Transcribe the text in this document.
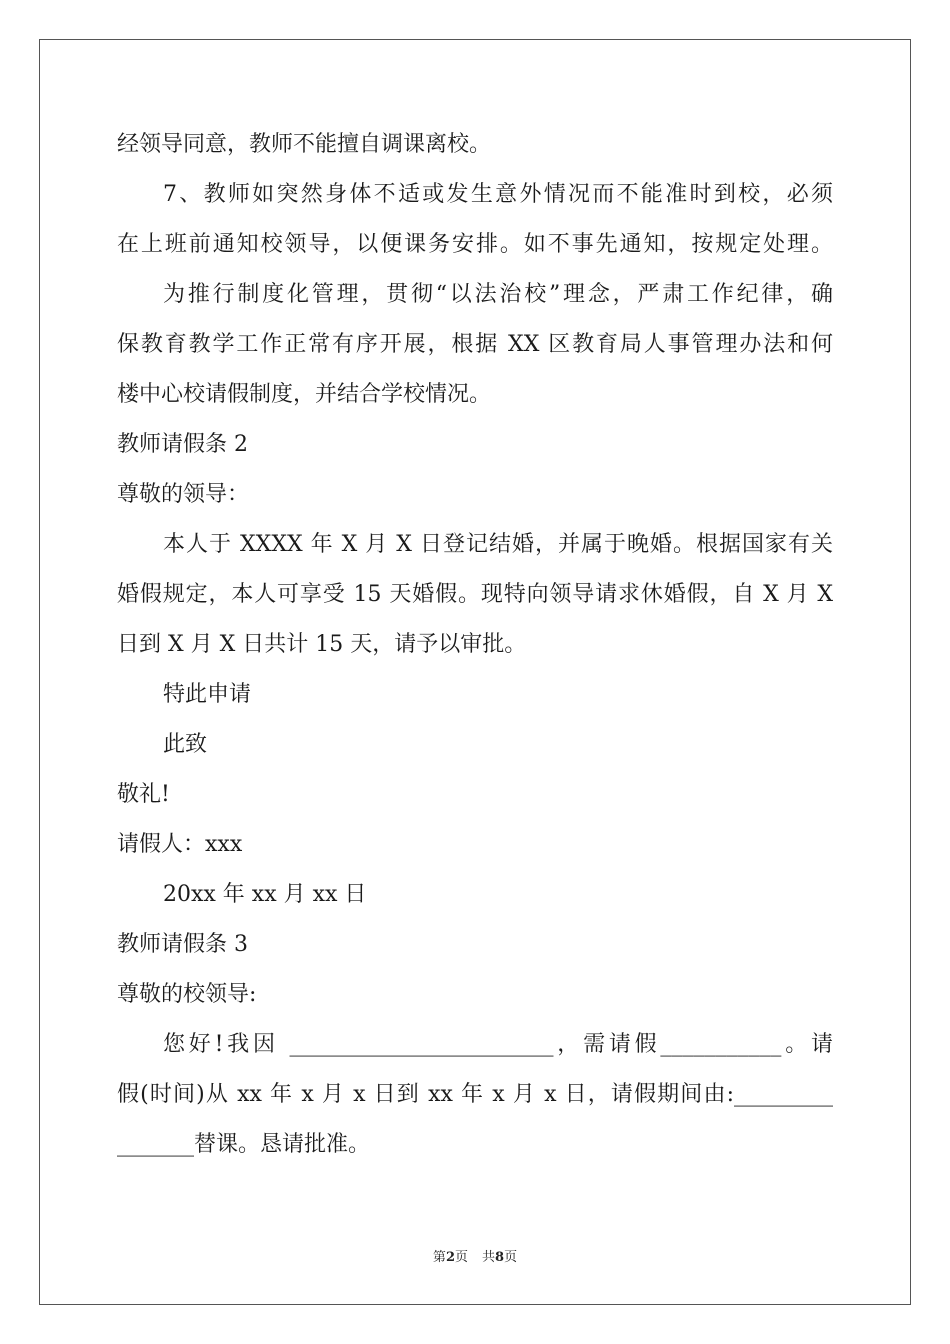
经领导同意，教师不能擅自调课离校。

7、教师如突然身体不适或发生意外情况而不能准时到校，必须

在上班前通知校领导，以便课务安排。如不事先通知，按规定处理。

为推行制度化管理，贯彻“以法治校”理念，严肃工作纪律，确

保教育教学工作正常有序开展，根据 XX 区教育局人事管理办法和何

楼中心校请假制度，并结合学校情况。

教师请假条 2

尊敬的领导：

本人于 XXXX 年 X 月 X 日登记结婚，并属于晚婚。根据国家有关

婚假规定，本人可享受 15 天婚假。现特向领导请求休婚假，自 X 月 X

日到 X 月 X 日共计 15 天，请予以审批。

特此申请

此致

敬礼!

请假人：xxx

20xx 年 xx 月 xx 日

教师请假条 3

尊敬的校领导:

您好!我因 ________________________，需请假___________。请

假(时间)从 xx 年 x 月 x 日到 xx 年 x 月 x 日，请假期间由:_________

_______替课。恳请批准。

第2页 共8页
